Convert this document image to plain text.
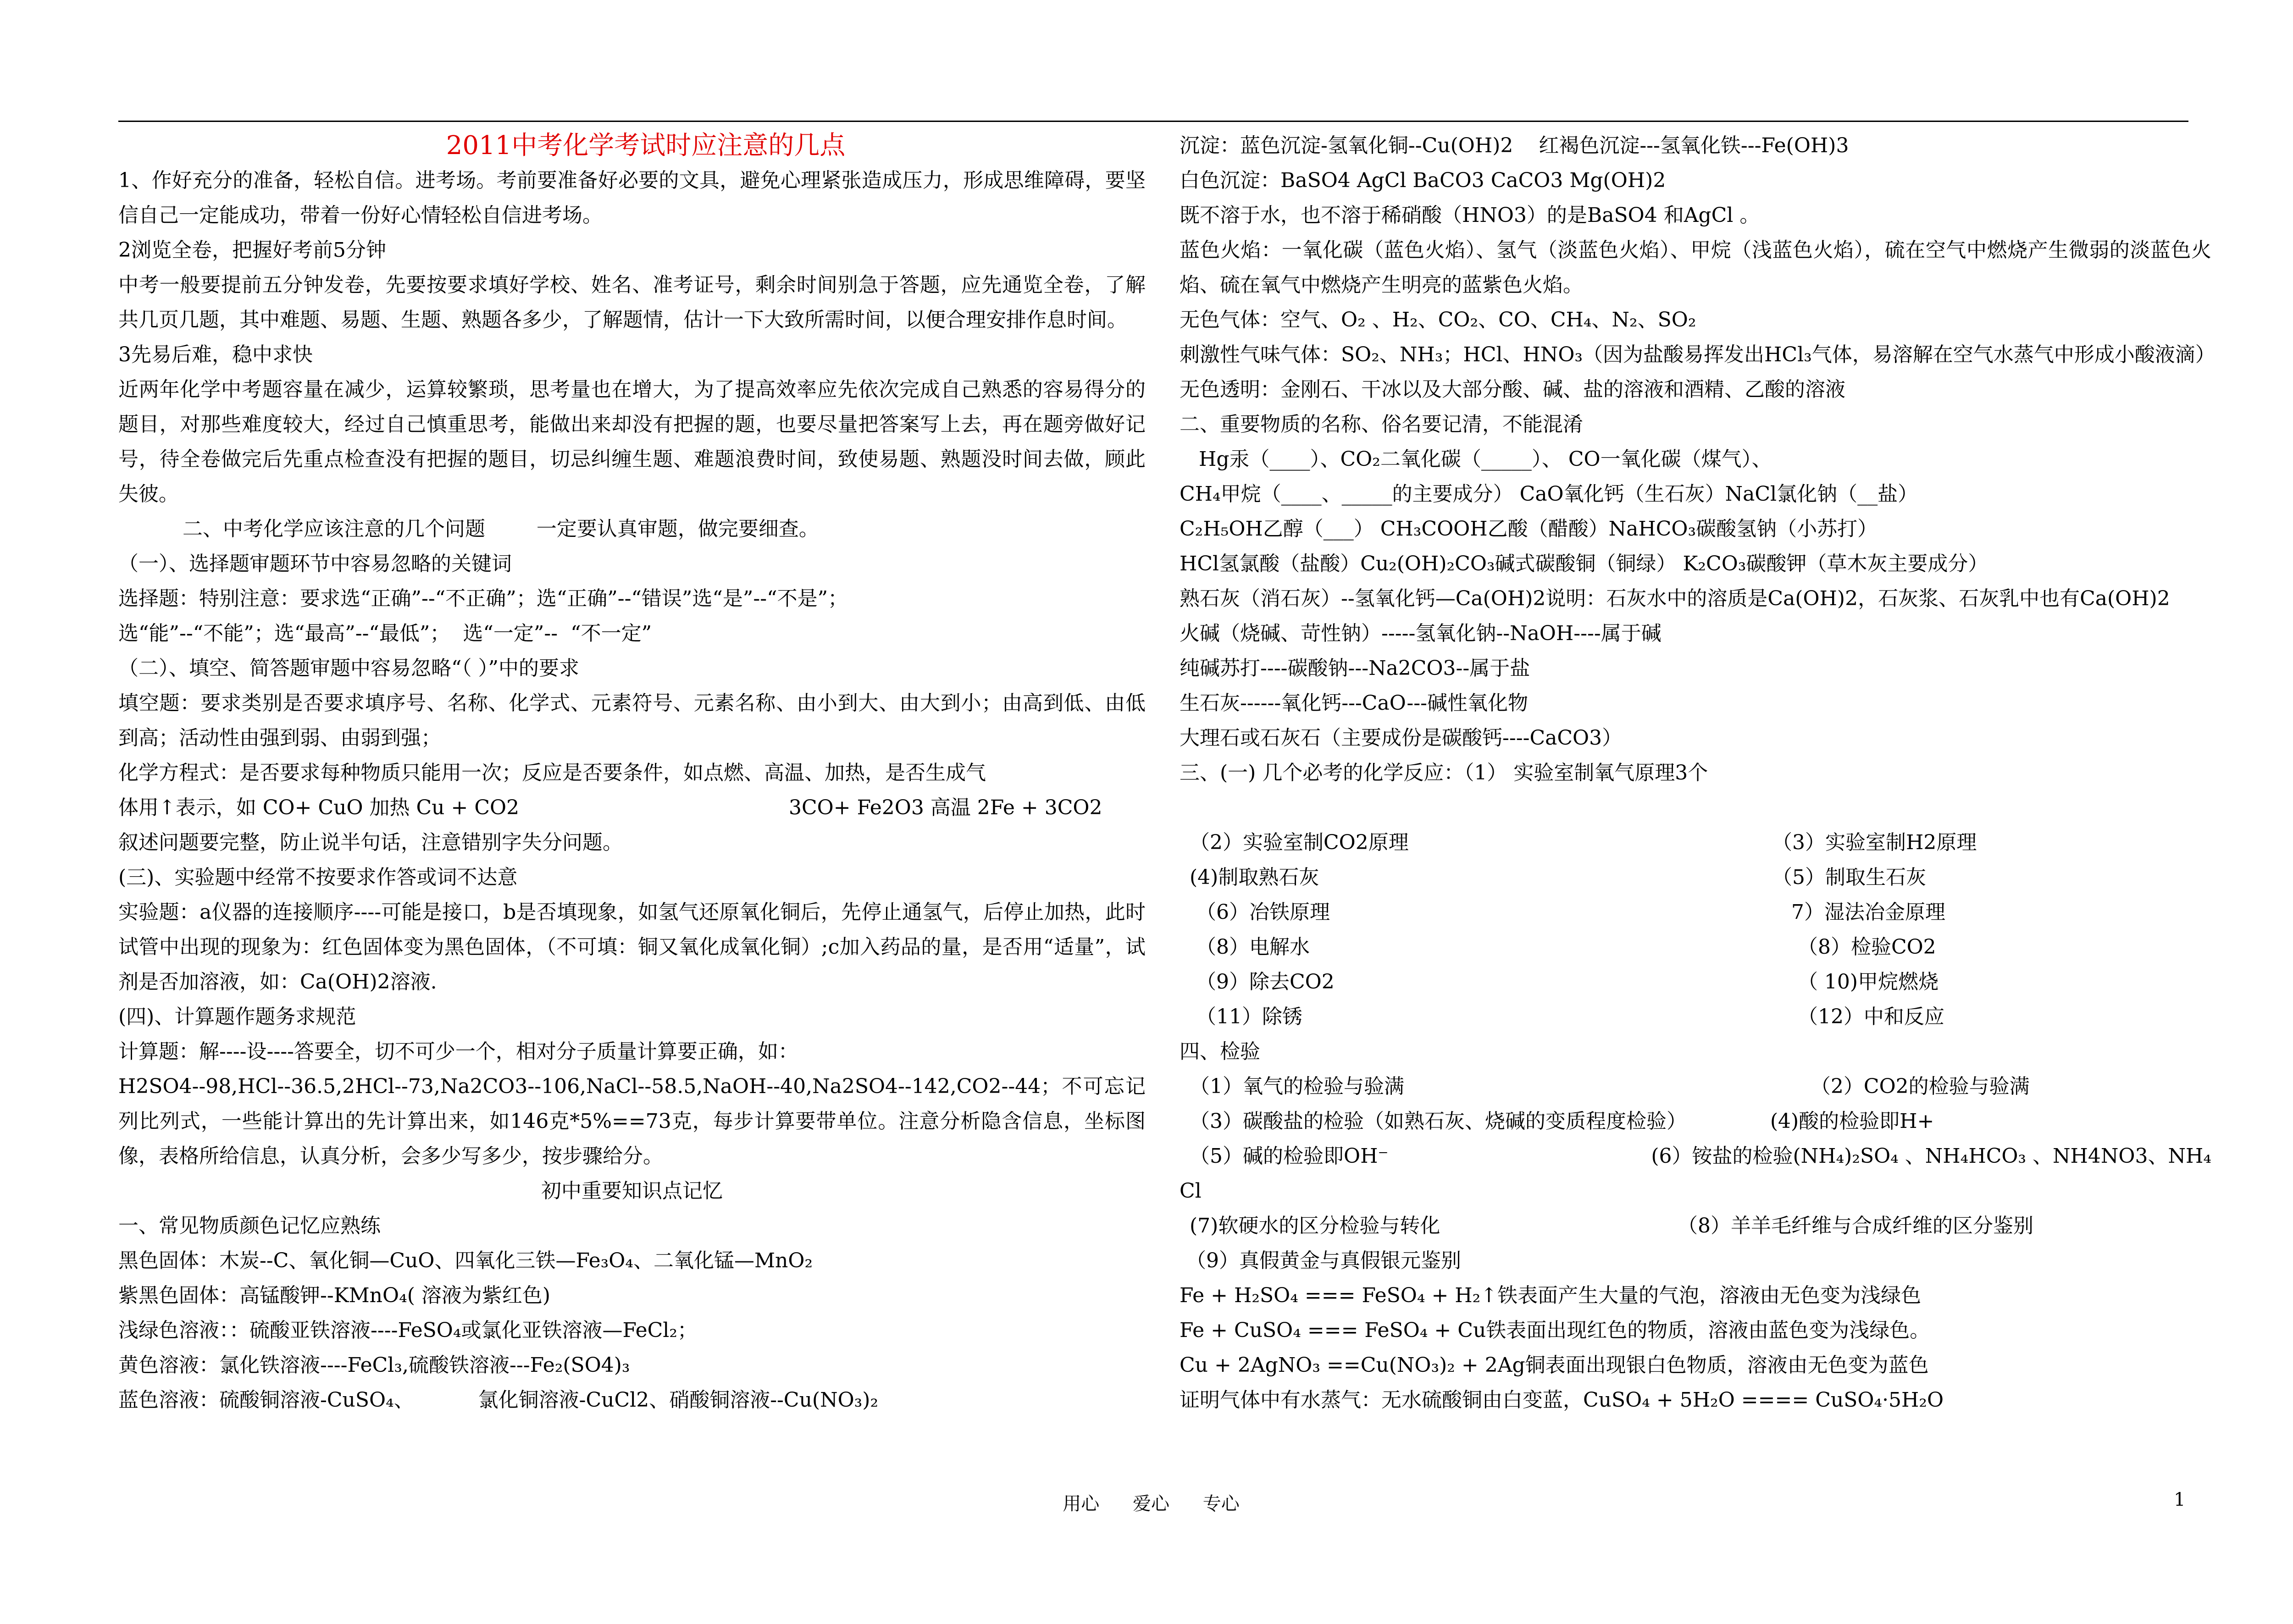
2011中考化学考试时应注意的几点
1、作好充分的准备，轻松自信。进考场。考前要准备好必要的文具，避免心理紧张造成压力，形成思维障碍，要坚信自己一定能成功，带着一份好心情轻松自信进考场。
2浏览全卷，把握好考前5分钟
中考一般要提前五分钟发卷，先要按要求填好学校、姓名、准考证号，剩余时间别急于答题，应先通览全卷，了解共几页几题，其中难题、易题、生题、熟题各多少，了解题情，估计一下大致所需时间，以便合理安排作息时间。
3先易后难，稳中求快
近两年化学中考题容量在减少，运算较繁琐，思考量也在增大，为了提高效率应先依次完成自己熟悉的容易得分的题目，对那些难度较大，经过自己慎重思考，能做出来却没有把握的题，也要尽量把答案写上去，再在题旁做好记号，待全卷做完后先重点检查没有把握的题目，切忌纠缠生题、难题浪费时间，致使易题、熟题没时间去做，顾此失彼。
二、中考化学应该注意的几个问题        一定要认真审题，做完要细查。
（一）、选择题审题环节中容易忽略的关键词
选择题：特别注意：要求选“正确”--“不正确”；选“正确”--“错误”选“是”--“不是”；
选“能”--“不能”；选“最高”--“最低”；  选“一定”--  “不一定”
（二）、填空、简答题审题中容易忽略“（ ）”中的要求
填空题：要求类别是否要求填序号、名称、化学式、元素符号、元素名称、由小到大、由大到小；由高到低、由低到高；活动性由强到弱、由弱到强；
化学方程式：是否要求每种物质只能用一次；反应是否要条件，如点燃、高温、加热，是否生成气
体用↑表示，如 CO+ CuO 加热 Cu + CO2	3CO+ Fe2O3 高温 2Fe + 3CO2
叙述问题要完整，防止说半句话，注意错别字失分问题。
(三)、实验题中经常不按要求作答或词不达意
实验题：a仪器的连接顺序----可能是接口，b是否填现象，如氢气还原氧化铜后，先停止通氢气，后停止加热，此时试管中出现的现象为：红色固体变为黑色固体，（不可填：铜又氧化成氧化铜）;c加入药品的量，是否用“适量”，试剂是否加溶液，如：Ca(OH)2溶液.
(四)、计算题作题务求规范
计算题：解----设----答要全，切不可少一个，相对分子质量计算要正确，如：
H2SO4--98,HCl--36.5,2HCl--73,Na2CO3--106,NaCl--58.5,NaOH--40,Na2SO4--142,CO2--44；不可忘记列比列式，一些能计算出的先计算出来，如146克*5%==73克，每步计算要带单位。注意分析隐含信息，坐标图像，表格所给信息，认真分析，会多少写多少，按步骤给分。
初中重要知识点记忆
一、常见物质颜色记忆应熟练
黑色固体：木炭--C、氧化铜—CuO、四氧化三铁—Fe₃O₄、二氧化锰—MnO₂
紫黑色固体：高锰酸钾--KMnO₄( 溶液为紫红色)
浅绿色溶液：：硫酸亚铁溶液----FeSO₄或氯化亚铁溶液—FeCl₂；
黄色溶液：氯化铁溶液----FeCl₃,硫酸铁溶液---Fe₂(SO4)₃
蓝色溶液：硫酸铜溶液-CuSO₄、          氯化铜溶液-CuCl2、硝酸铜溶液--Cu(NO₃)₂
沉淀：蓝色沉淀-氢氧化铜--Cu(OH)2    红褐色沉淀---氢氧化铁---Fe(OH)3
白色沉淀：BaSO4 AgCl BaCO3 CaCO3 Mg(OH)2
既不溶于水，也不溶于稀硝酸（HNO3）的是BaSO4 和AgCl 。
蓝色火焰：一氧化碳（蓝色火焰）、氢气（淡蓝色火焰）、甲烷（浅蓝色火焰），硫在空气中燃烧产生微弱的淡蓝色火焰、硫在氧气中燃烧产生明亮的蓝紫色火焰。
无色气体：空气、O₂ 、H₂、CO₂、CO、CH₄、N₂、SO₂
刺激性气味气体：SO₂、NH₃；HCl、HNO₃（因为盐酸易挥发出HCl₃气体，易溶解在空气水蒸气中形成小酸液滴）
无色透明：金刚石、干冰以及大部分酸、碱、盐的溶液和酒精、乙酸的溶液
二、重要物质的名称、俗名要记清，不能混淆
Hg汞（____）、CO₂二氧化碳（_____）、 CO一氧化碳（煤气）、
CH₄甲烷（____、_____的主要成分） CaO氧化钙（生石灰）NaCl氯化钠（__盐）
C₂H₅OH乙醇（___） CH₃COOH乙酸（醋酸）NaHCO₃碳酸氢钠（小苏打）
HCl氢氯酸（盐酸）Cu₂(OH)₂CO₃碱式碳酸铜（铜绿） K₂CO₃碳酸钾（草木灰主要成分）
熟石灰（消石灰）--氢氧化钙—Ca(OH)2说明：石灰水中的溶质是Ca(OH)2，石灰浆、石灰乳中也有Ca(OH)2
火碱（烧碱、苛性钠）-----氢氧化钠--NaOH----属于碱
纯碱苏打----碳酸钠---Na2CO3--属于盐
生石灰------氧化钙---CaO---碱性氧化物
大理石或石灰石（主要成份是碳酸钙----CaCO3）
三、(一) 几个必考的化学反应：（1） 实验室制氧气原理3个
（2）实验室制CO2原理	（3）实验室制H2原理
(4)制取熟石灰	（5）制取生石灰
（6）冶铁原理	7）湿法冶金原理
（8）电解水	（8）检验CO2
（9）除去CO2	（ 10)甲烷燃烧
（11）除锈	（12）中和反应
四、检验
（1）氧气的检验与验满	（2）CO2的检验与验满
（3）碳酸盐的检验（如熟石灰、烧碱的变质程度检验） (4)酸的检验即H+
（5）碱的检验即OH⁻	(6）铵盐的检验(NH₄)₂SO₄ 、NH₄HCO₃ 、NH4NO3、NH₄
Cl
(7)软硬水的区分检验与转化	（8）羊羊毛纤维与合成纤维的区分鉴别
（9）真假黄金与真假银元鉴别
Fe + H₂SO₄ === FeSO₄ + H₂↑铁表面产生大量的气泡，溶液由无色变为浅绿色
Fe + CuSO₄ === FeSO₄ + Cu铁表面出现红色的物质，溶液由蓝色变为浅绿色。
Cu + 2AgNO₃ ==Cu(NO₃)₂ + 2Ag铜表面出现银白色物质，溶液由无色变为蓝色
证明气体中有水蒸气：无水硫酸铜由白变蓝，CuSO₄ + 5H₂O ==== CuSO₄·5H₂O
用心 爱心 专心	1
